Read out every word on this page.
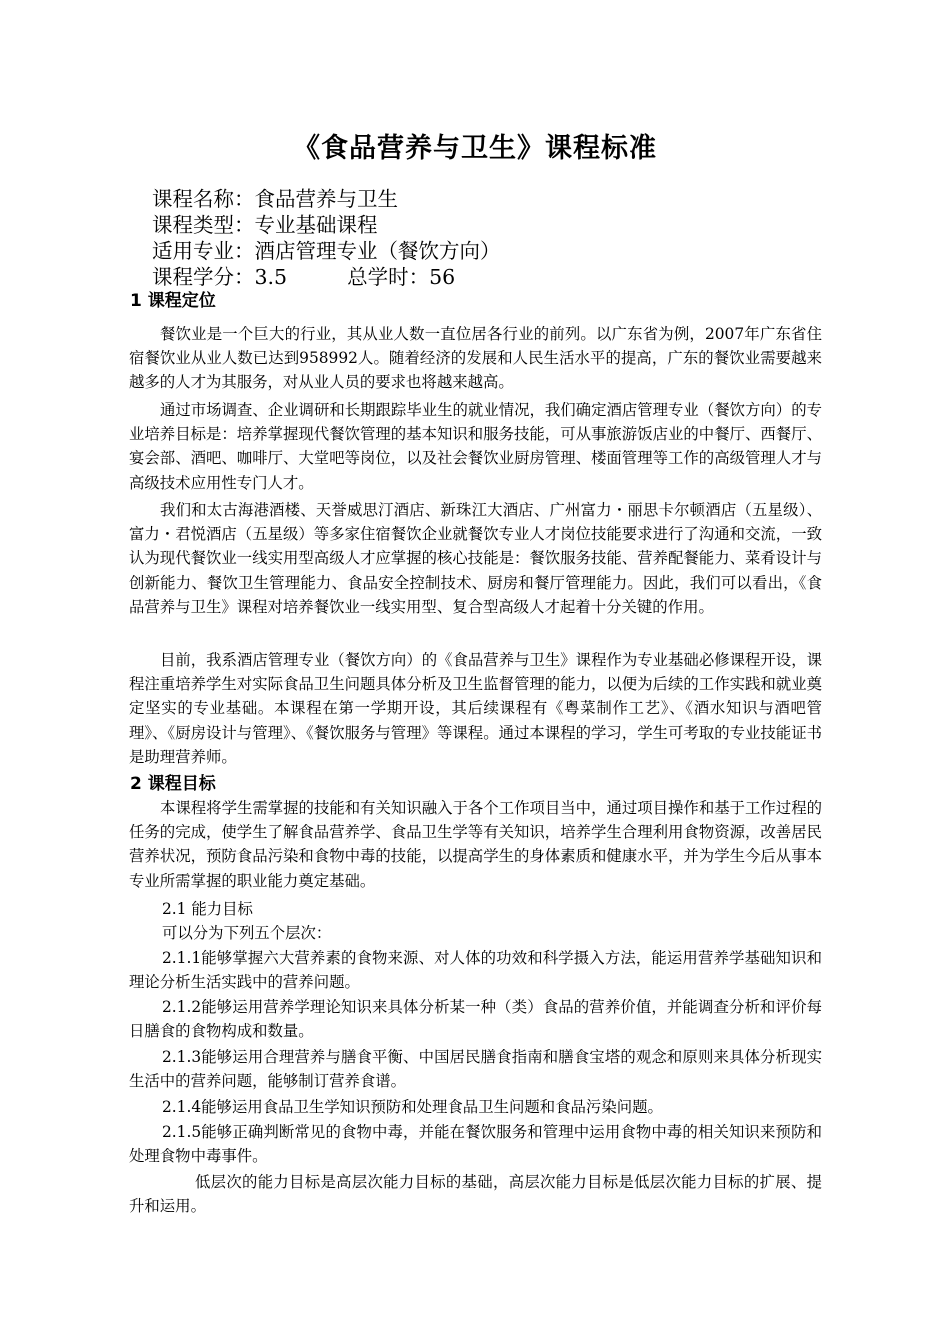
《食品营养与卫生》课程标准

课程名称：食品营养与卫生

课程类型：专业基础课程

适用专业：酒店管理专业（餐饮方向）

课程学分：3.5	总学时：56

1 课程定位

餐饮业是一个巨大的行业，其从业人数一直位居各行业的前列。以广东省为例，2007年广东省住宿餐饮业从业人数已达到958992人。随着经济的发展和人民生活水平的提高，广东的餐饮业需要越来越多的人才为其服务，对从业人员的要求也将越来越高。

通过市场调查、企业调研和长期跟踪毕业生的就业情况，我们确定酒店管理专业（餐饮方向）的专业培养目标是：培养掌握现代餐饮管理的基本知识和服务技能，可从事旅游饭店业的中餐厅、西餐厅、宴会部、酒吧、咖啡厅、大堂吧等岗位，以及社会餐饮业厨房管理、楼面管理等工作的高级管理人才与高级技术应用性专门人才。

我们和太古海港酒楼、天誉威思汀酒店、新珠江大酒店、广州富力・丽思卡尔顿酒店（五星级）、富力・君悦酒店（五星级）等多家住宿餐饮企业就餐饮专业人才岗位技能要求进行了沟通和交流，一致认为现代餐饮业一线实用型高级人才应掌握的核心技能是：餐饮服务技能、营养配餐能力、菜肴设计与创新能力、餐饮卫生管理能力、食品安全控制技术、厨房和餐厅管理能力。因此，我们可以看出，《食品营养与卫生》课程对培养餐饮业一线实用型、复合型高级人才起着十分关键的作用。

目前，我系酒店管理专业（餐饮方向）的《食品营养与卫生》课程作为专业基础必修课程开设，课程注重培养学生对实际食品卫生问题具体分析及卫生监督管理的能力，以便为后续的工作实践和就业奠定坚实的专业基础。本课程在第一学期开设，其后续课程有《粤菜制作工艺》、《酒水知识与酒吧管理》、《厨房设计与管理》、《餐饮服务与管理》等课程。通过本课程的学习，学生可考取的专业技能证书是助理营养师。

2 课程目标

本课程将学生需掌握的技能和有关知识融入于各个工作项目当中，通过项目操作和基于工作过程的任务的完成，使学生了解食品营养学、食品卫生学等有关知识，培养学生合理利用食物资源，改善居民营养状况，预防食品污染和食物中毒的技能，以提高学生的身体素质和健康水平，并为学生今后从事本专业所需掌握的职业能力奠定基础。

2.1 能力目标

可以分为下列五个层次：

2.1.1能够掌握六大营养素的食物来源、对人体的功效和科学摄入方法，能运用营养学基础知识和理论分析生活实践中的营养问题。

2.1.2能够运用营养学理论知识来具体分析某一种（类）食品的营养价值，并能调查分析和评价每日膳食的食物构成和数量。

2.1.3能够运用合理营养与膳食平衡、中国居民膳食指南和膳食宝塔的观念和原则来具体分析现实生活中的营养问题，能够制订营养食谱。

2.1.4能够运用食品卫生学知识预防和处理食品卫生问题和食品污染问题。

2.1.5能够正确判断常见的食物中毒，并能在餐饮服务和管理中运用食物中毒的相关知识来预防和处理食物中毒事件。

低层次的能力目标是高层次能力目标的基础，高层次能力目标是低层次能力目标的扩展、提升和运用。
